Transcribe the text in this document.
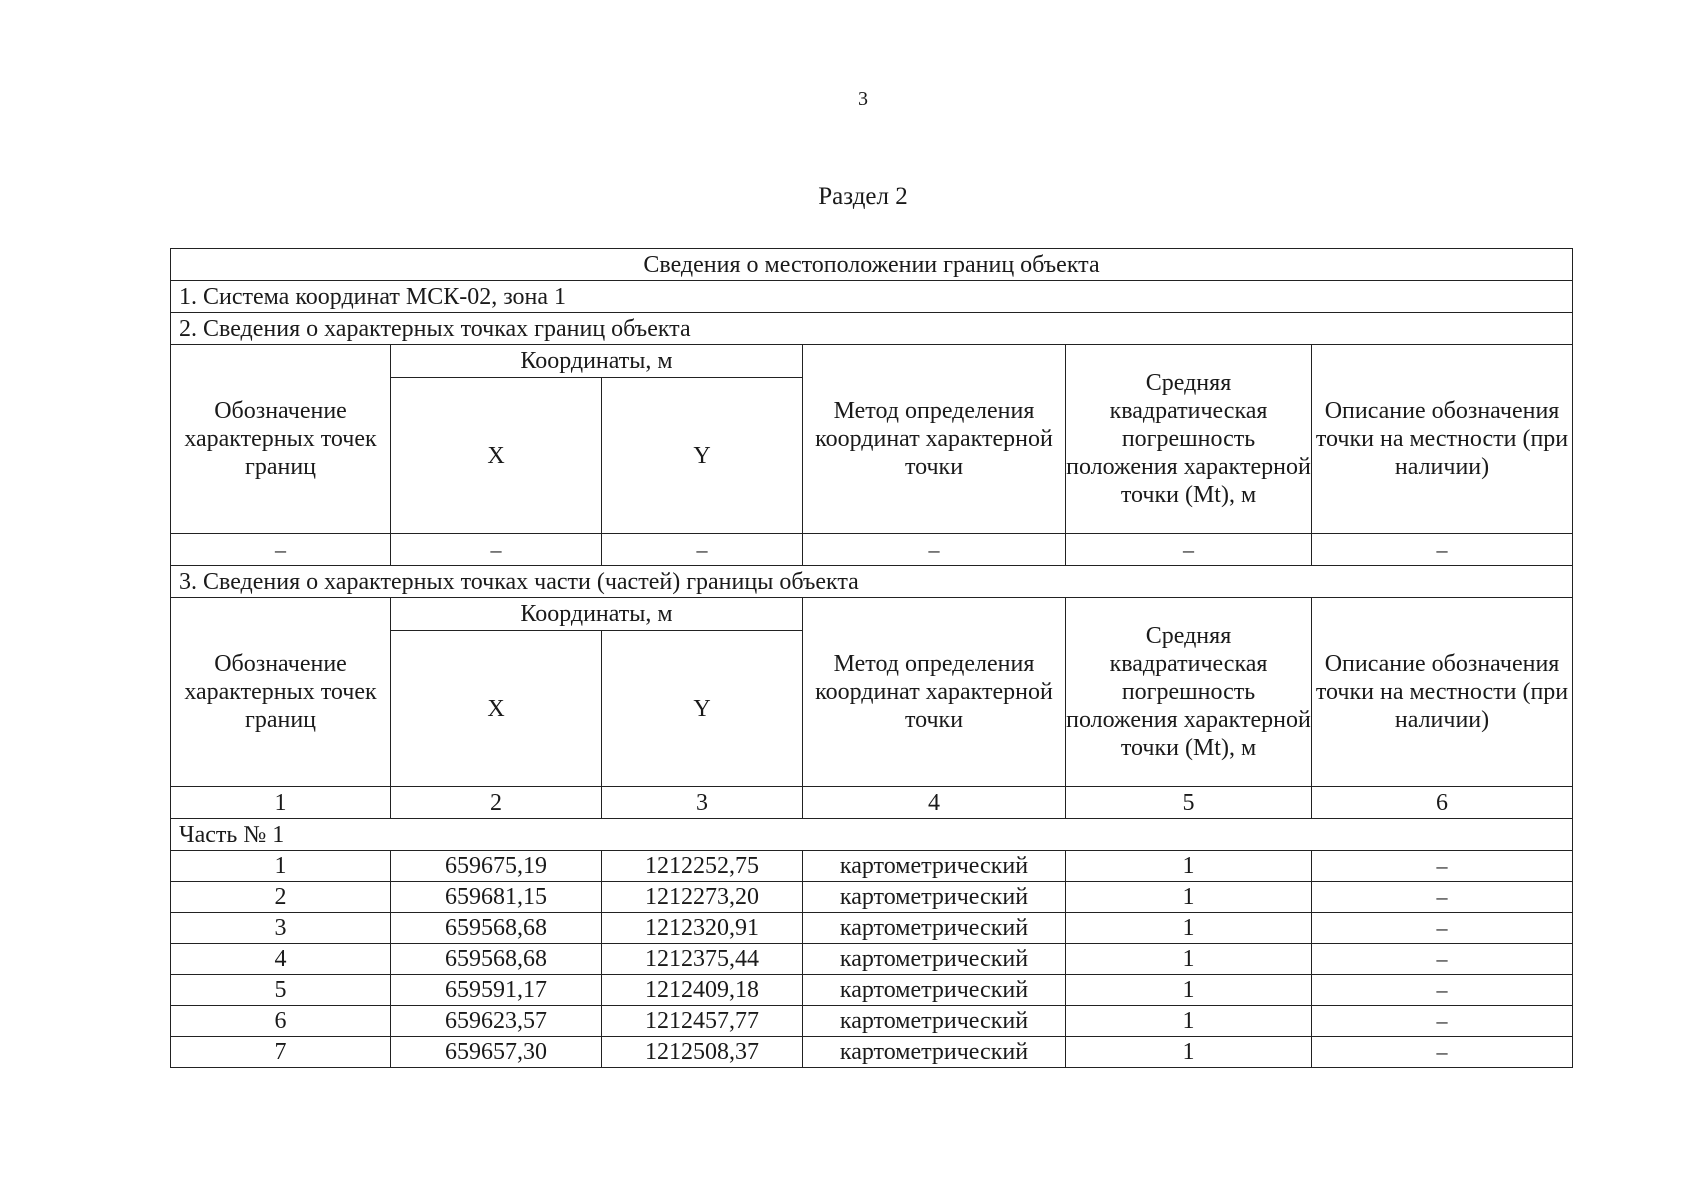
3
Раздел 2
Сведения о местоположении границ объекта					
1. Система координат МСК-02, зона 1					
2. Сведения о характерных точках границ объекта					
Обозначение характерных точек границ	Координаты, м		Метод определения координат характерной точки	Средняя квадратическая погрешность положения характерной точки (Mt), м	Описание обозначения точки на местности (при наличии)
	X	Y			
–	–	–	–	–	–
3. Сведения о характерных точках части (частей) границы объекта					
Обозначение характерных точек границ	Координаты, м		Метод определения координат характерной точки	Средняя квадратическая погрешность положения характерной точки (Mt), м	Описание обозначения точки на местности (при наличии)
	X	Y			
1	2	3	4	5	6
Часть № 1					
1	659675,19	1212252,75	картометрический	1	–
2	659681,15	1212273,20	картометрический	1	–
3	659568,68	1212320,91	картометрический	1	–
4	659568,68	1212375,44	картометрический	1	–
5	659591,17	1212409,18	картометрический	1	–
6	659623,57	1212457,77	картометрический	1	–
7	659657,30	1212508,37	картометрический	1	–
